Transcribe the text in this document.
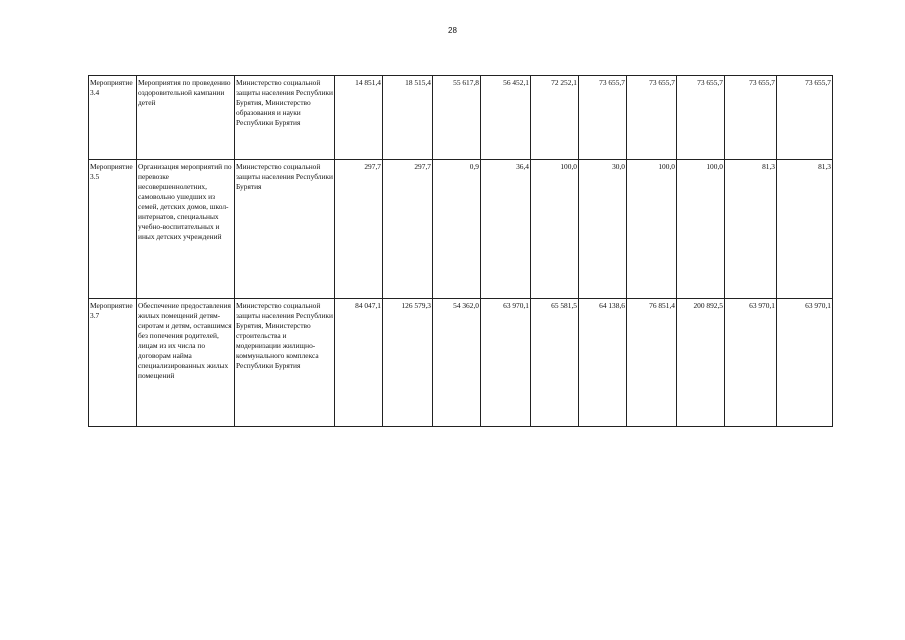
28
Мероприятие 3.4	Мероприятия по проведению оздоровительной кампании детей	Министерство социальной защиты населения Республики Бурятия, Министерство образования и науки Республики Бурятия	14 851,4	18 515,4	55 617,8	56 452,1	72 252,1	73 655,7	73 655,7	73 655,7	73 655,7	73 655,7
Мероприятие 3.5	Организация мероприятий по перевозке несовершеннолетних, самовольно ушедших из семей, детских домов, школ-интернатов, специальных учебно-воспитательных и иных детских учреждений	Министерство социальной защиты населения Республики Бурятия	297,7	297,7	0,9	36,4	100,0	30,0	100,0	100,0	81,3	81,3
Мероприятие 3.7	Обеспечение предоставления жилых помещений детям-сиротам и детям, оставшимся без попечения родителей, лицам из их числа по договорам найма специализированных жилых помещений	Министерство социальной защиты населения Республики Бурятия, Министерство строительства и модернизации жилищно-коммунального комплекса Республики Бурятия	84 047,1	126 579,3	54 362,0	63 970,1	65 581,5	64 138,6	76 851,4	200 892,5	63 970,1	63 970,1
